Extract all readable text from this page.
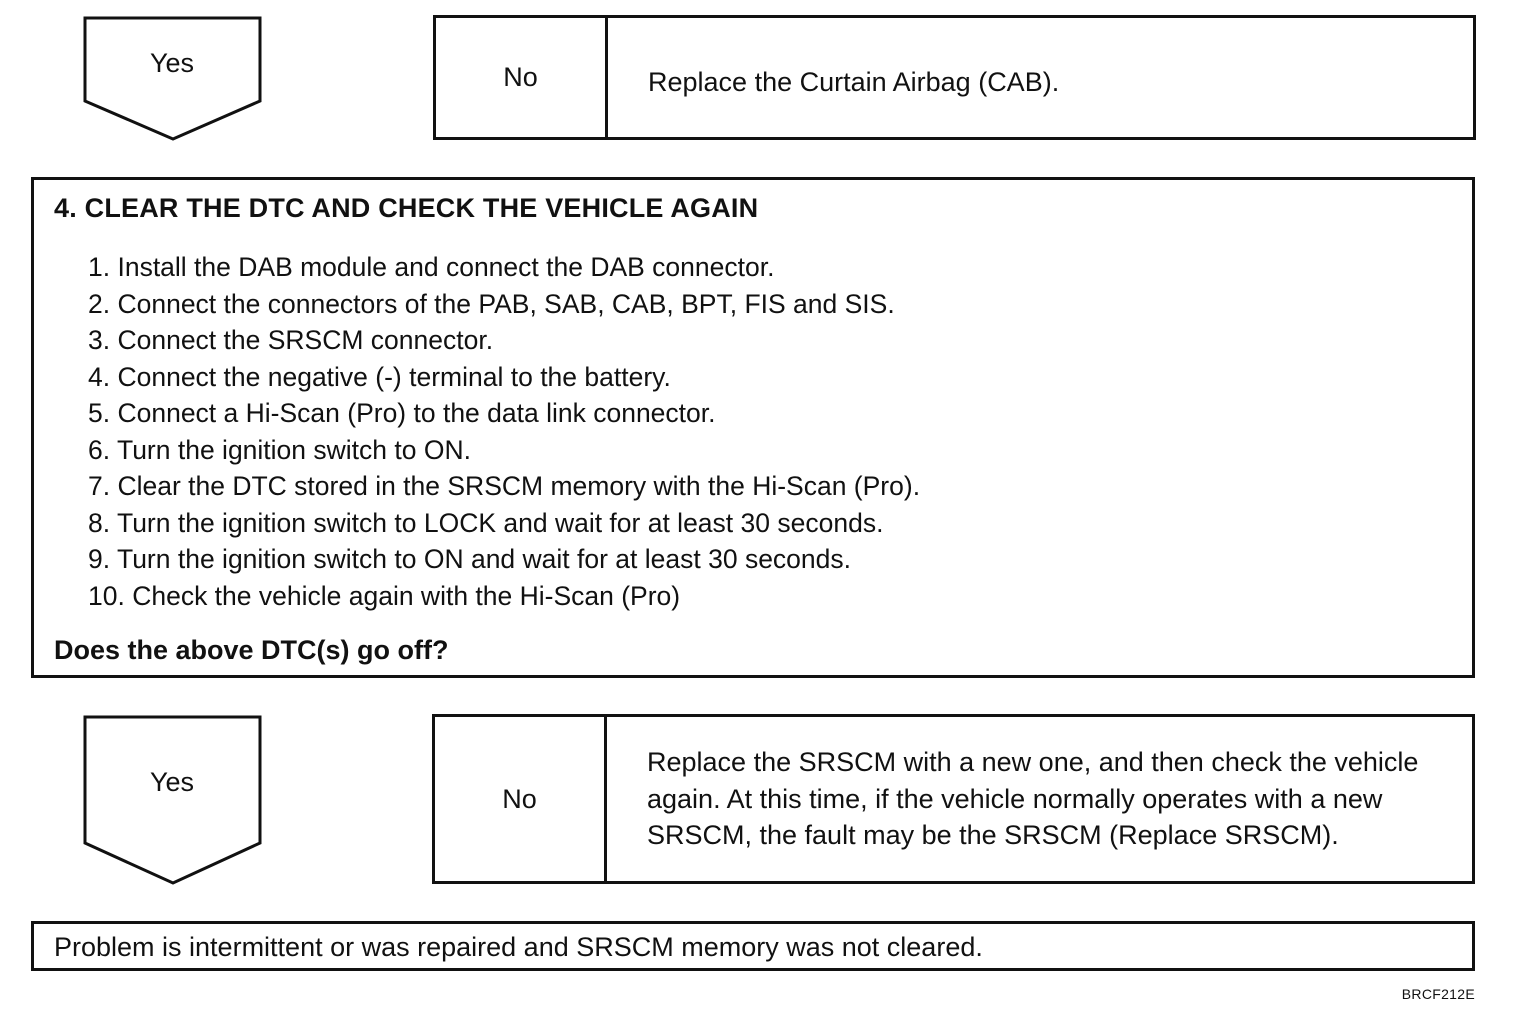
Yes	No	Replace the Curtain Airbag (CAB).
4. CLEAR THE DTC AND CHECK THE VEHICLE AGAIN
1. Install the DAB module and connect the DAB connector.
2. Connect the connectors of the PAB, SAB, CAB, BPT, FIS and SIS.
3. Connect the SRSCM connector.
4. Connect the negative (-) terminal to the battery.
5. Connect a Hi-Scan (Pro) to the data link connector.
6. Turn the ignition switch to ON.
7. Clear the DTC stored in the SRSCM memory with the Hi-Scan (Pro).
8. Turn the ignition switch to LOCK and wait for at least 30 seconds.
9. Turn the ignition switch to ON and wait for at least 30 seconds.
10. Check the vehicle again with the Hi-Scan (Pro)
Does the above DTC(s) go off?
Yes
No
Replace the SRSCM with a new one, and then check the vehicle again. At this time, if the vehicle normally operates with a new SRSCM, the fault may be the SRSCM (Replace SRSCM).
Problem is intermittent or was repaired and SRSCM memory was not cleared.
BRCF212E
